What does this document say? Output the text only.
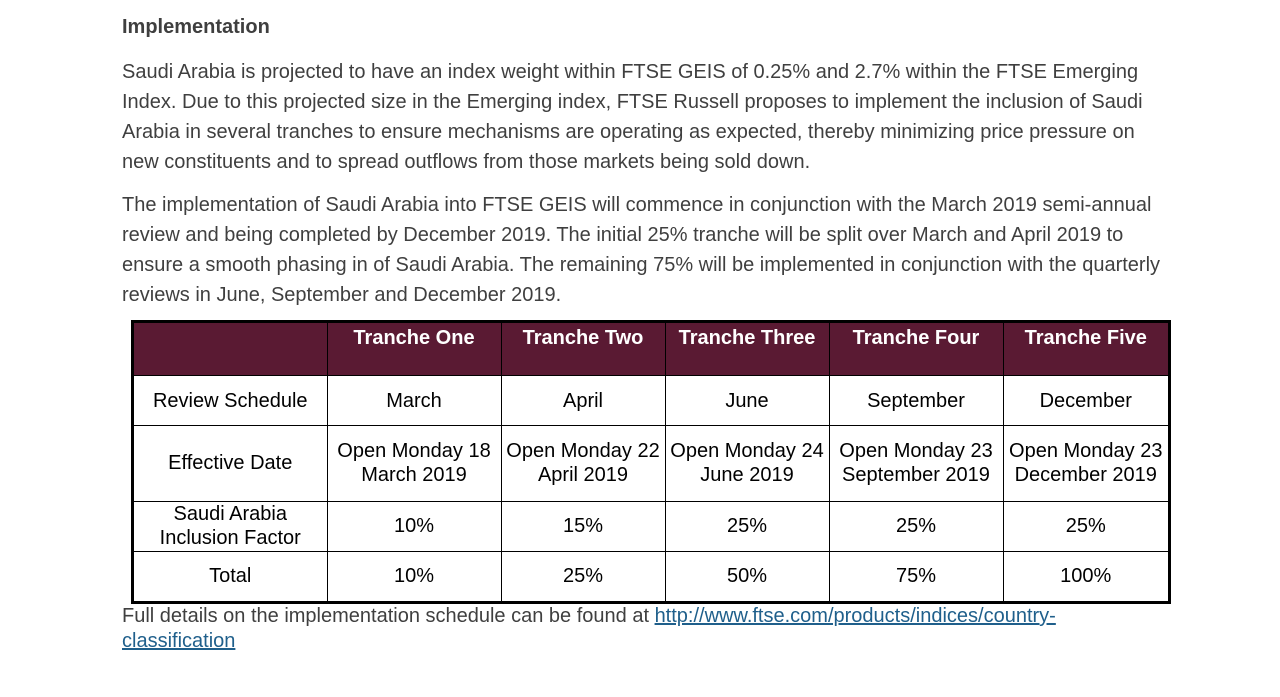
Implementation

Saudi Arabia is projected to have an index weight within FTSE GEIS of 0.25% and 2.7% within the FTSE Emerging Index. Due to this projected size in the Emerging index, FTSE Russell proposes to implement the inclusion of Saudi Arabia in several tranches to ensure mechanisms are operating as expected, thereby minimizing price pressure on new constituents and to spread outflows from those markets being sold down.

The implementation of Saudi Arabia into FTSE GEIS will commence in conjunction with the March 2019 semi-annual review and being completed by December 2019. The initial 25% tranche will be split over March and April 2019 to ensure a smooth phasing in of Saudi Arabia. The remaining 75% will be implemented in conjunction with the quarterly reviews in June, September and December 2019.

	Tranche One	Tranche Two	Tranche Three	Tranche Four	Tranche Five
Review Schedule	March	April	June	September	December
Effective Date	Open Monday 18 March 2019	Open Monday 22 April 2019	Open Monday 24 June 2019	Open Monday 23 September 2019	Open Monday 23 December 2019
Saudi Arabia Inclusion Factor	10%	15%	25%	25%	25%
Total	10%	25%	50%	75%	100%

Full details on the implementation schedule can be found at http://www.ftse.com/products/indices/country-classification
